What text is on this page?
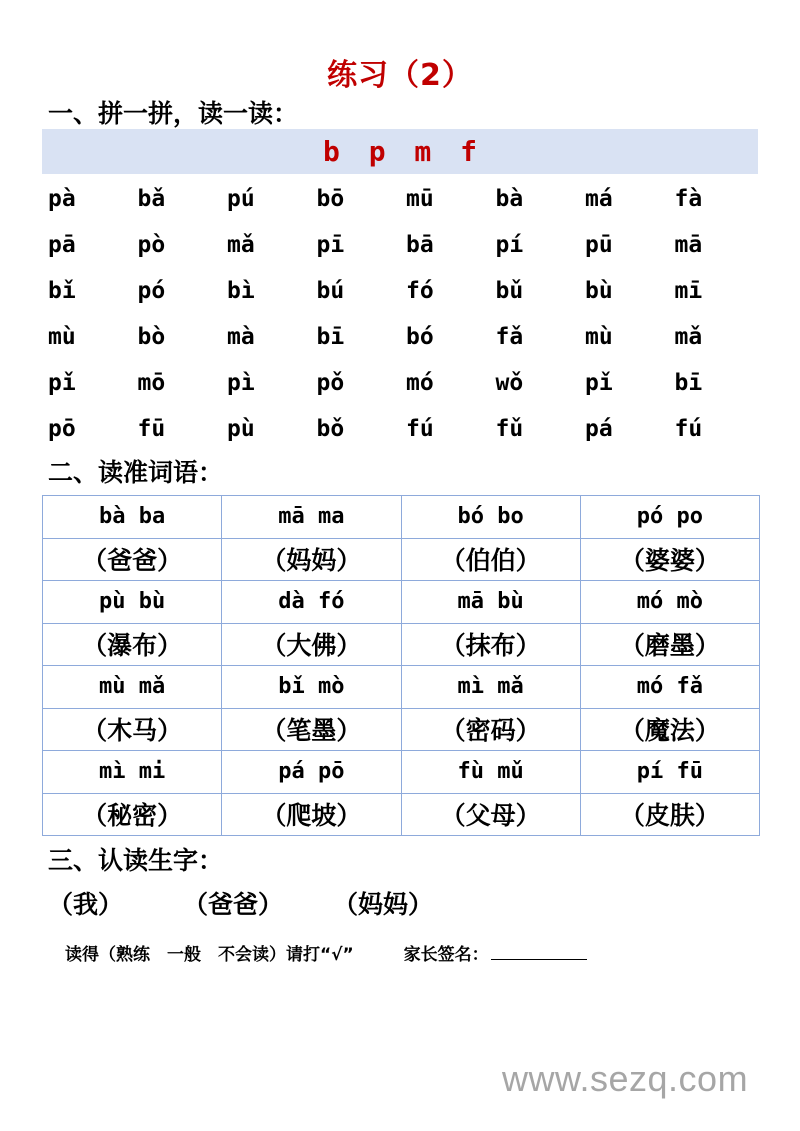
练习（2）
一、拼一拼，读一读：
b p m f
pà	bǎ	pú	bō	mū	bà	má	fà
pā	pò	mǎ	pī	bā	pí	pū	mā
bǐ	pó	bì	bú	fó	bǔ	bù	mī
mù	bò	mà	bī	bó	fǎ	mù	mǎ
pǐ	mō	pì	pǒ	mó	wǒ	pǐ	bī
pō	fū	pù	bǒ	fú	fǔ	pá	fú
二、读准词语：
bà ba	mā ma	bó bo	pó po
（爸爸）	（妈妈）	（伯伯）	（婆婆）
pù bù	dà fó	mā bù	mó mò
（瀑布）	（大佛）	（抹布）	（磨墨）
mù mǎ	bǐ mò	mì mǎ	mó fǎ
（木马）	（笔墨）	（密码）	（魔法）
mì mi	pá pō	fù mǔ	pí fū
（秘密）	（爬坡）	（父母）	（皮肤）
三、认读生字：
（我） （爸爸） （妈妈）
读得（熟练　一般　不会读）请打“√”	家长签名：
www.sezq.com
